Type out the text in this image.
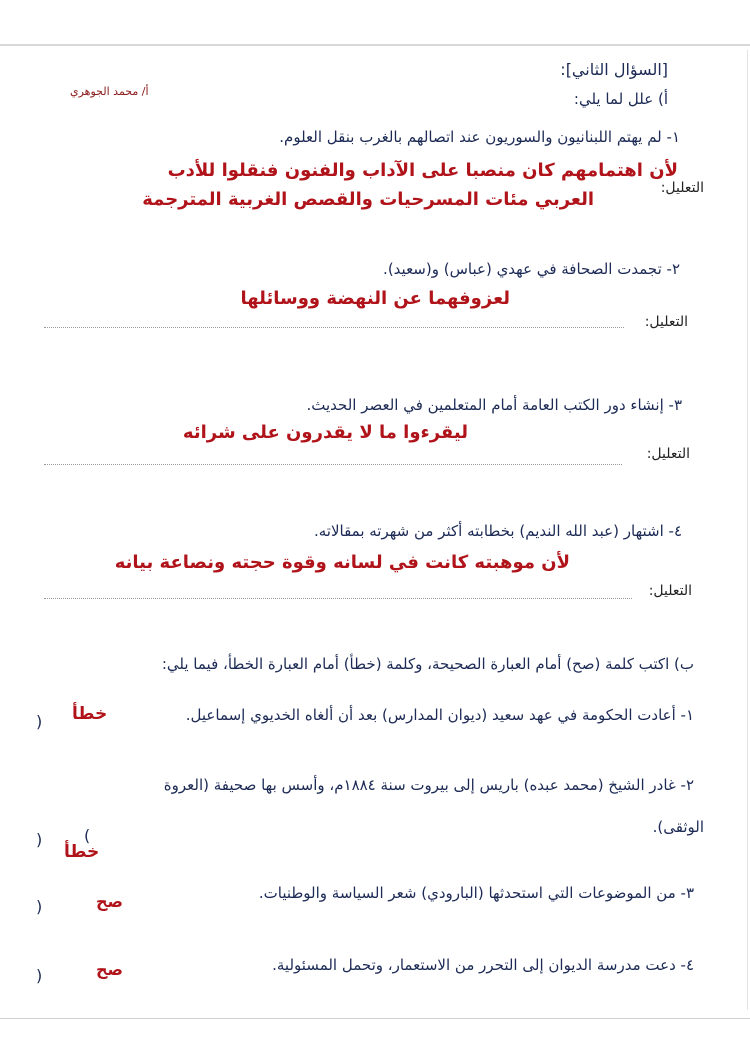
[السؤال الثاني]:
أ/ محمد الجوهري	أ) علل لما يلي:
١- لم يهتم اللبنانيون والسوريون عند اتصالهم بالغرب بنقل العلوم.
لأن اهتمامهم كان منصبا على الآداب والفنون فنقلوا للأدب
التعليل:
العربي مئات المسرحيات والقصص الغربية المترجمة
٢- تجمدت الصحافة في عهدي (عباس) و(سعيد).
لعزوفهما عن النهضة ووسائلها
التعليل:
٣- إنشاء دور الكتب العامة أمام المتعلمين في العصر الحديث.
ليقرءوا ما لا يقدرون على شرائه
التعليل:
٤- اشتهار (عبد الله النديم) بخطابته أكثر من شهرته بمقالاته.
لأن موهبته كانت في لسانه وقوة حجته ونصاعة بيانه
التعليل:
ب) اكتب كلمة (صح) أمام العبارة الصحيحة، وكلمة (خطأ) أمام العبارة الخطأ، فيما يلي:
١- أعادت الحكومة في عهد سعيد (ديوان المدارس) بعد أن ألغاه الخديوي إسماعيل.
خطأ
)
٢- غادر الشيخ (محمد عبده) باريس إلى بيروت سنة ١٨٨٤م، وأسس بها صحيفة (العروة
الوثقى).
)	(
خطأ
٣- من الموضوعات التي استحدثها (البارودي) شعر السياسة والوطنيات.
صح
)
٤- دعت مدرسة الديوان إلى التحرر من الاستعمار، وتحمل المسئولية.
صح
)
